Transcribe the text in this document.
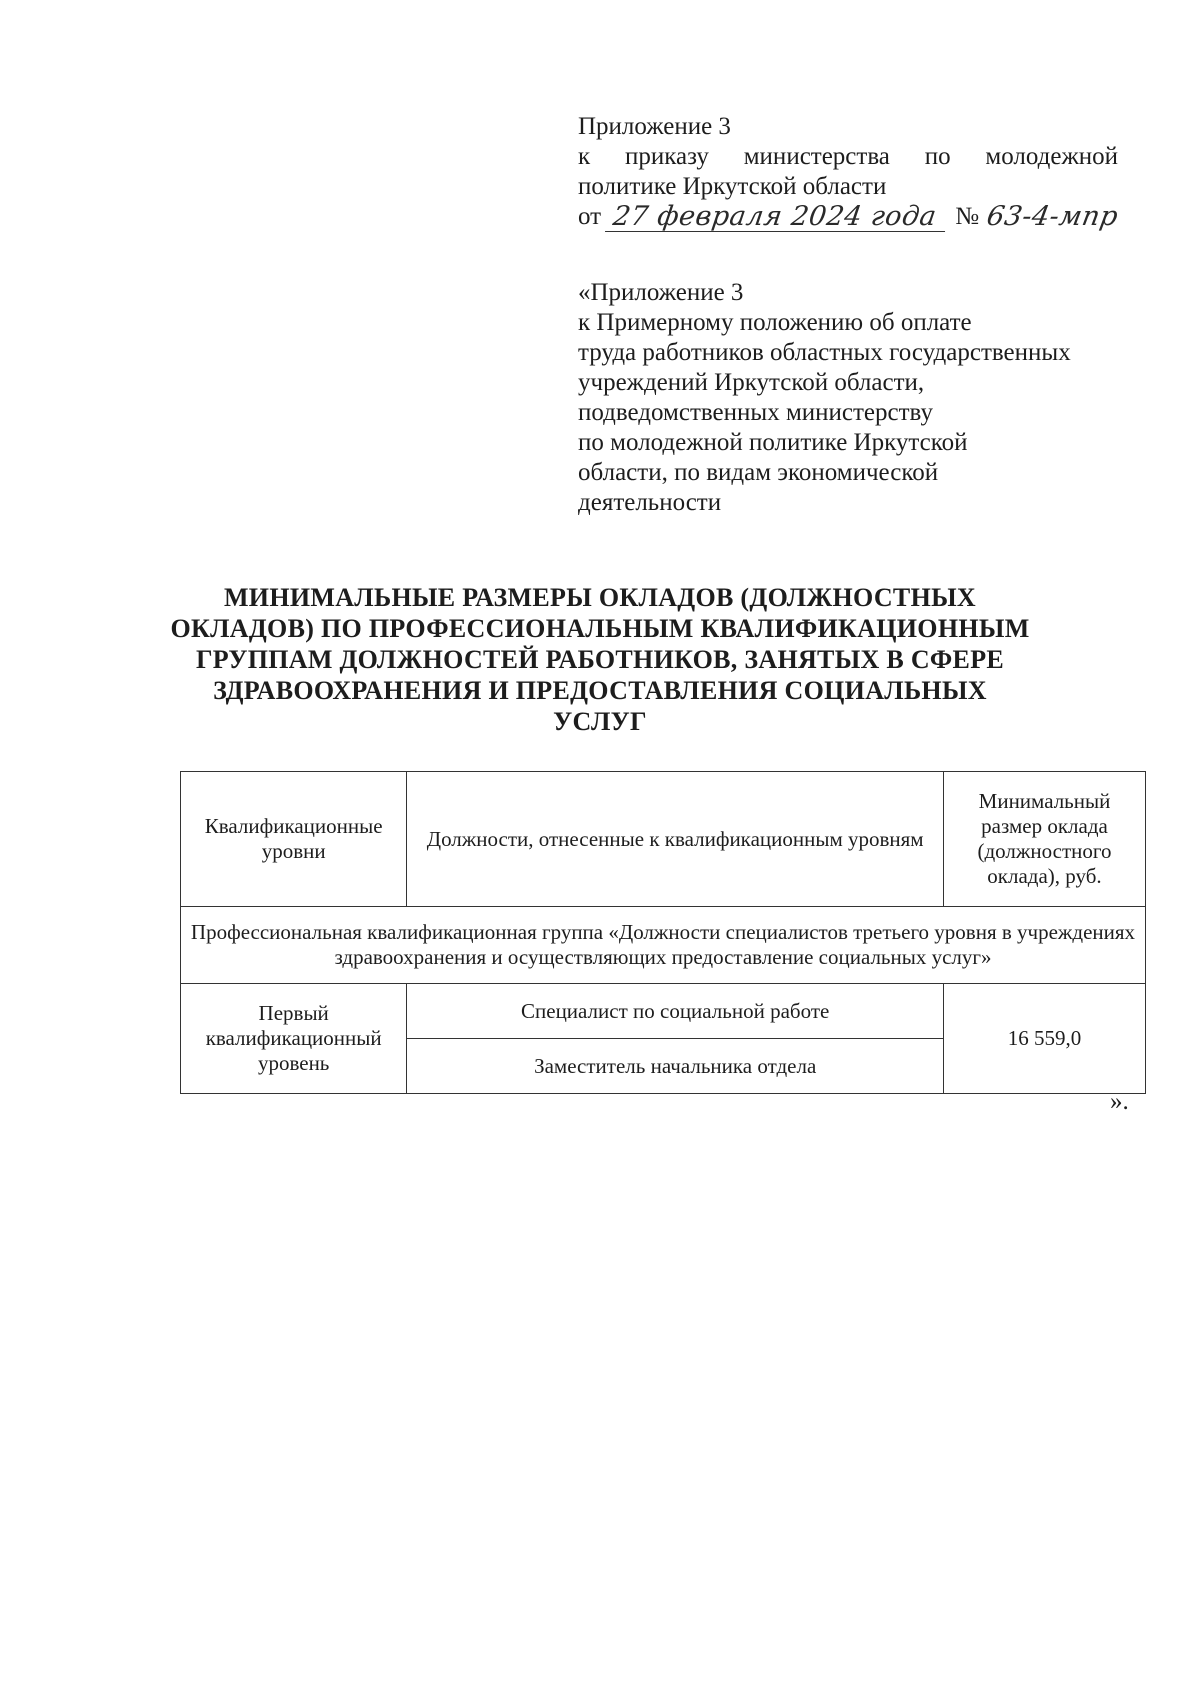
Приложение 3
к приказу министерства по молодежной
политике Иркутской области
от 27 февраля 2024 года № 63-4-мпр
«Приложение 3
к Примерному положению об оплате
труда работников областных государственных
учреждений Иркутской области,
подведомственных министерству
по молодежной политике Иркутской
области, по видам экономической
деятельности
МИНИМАЛЬНЫЕ РАЗМЕРЫ ОКЛАДОВ (ДОЛЖНОСТНЫХ
ОКЛАДОВ) ПО ПРОФЕССИОНАЛЬНЫМ КВАЛИФИКАЦИОННЫМ
ГРУППАМ ДОЛЖНОСТЕЙ РАБОТНИКОВ, ЗАНЯТЫХ В СФЕРЕ
ЗДРАВООХРАНЕНИЯ И ПРЕДОСТАВЛЕНИЯ СОЦИАЛЬНЫХ
УСЛУГ
Квалификационные уровни	Должности, отнесенные к квалификационным уровням	Минимальный размер оклада (должностного оклада), руб.
Профессиональная квалификационная группа «Должности специалистов третьего уровня в учреждениях здравоохранения и осуществляющих предоставление социальных услуг»		
Первый квалификационный уровень	Специалист по социальной работе	16 559,0
	Заместитель начальника отдела	
».
